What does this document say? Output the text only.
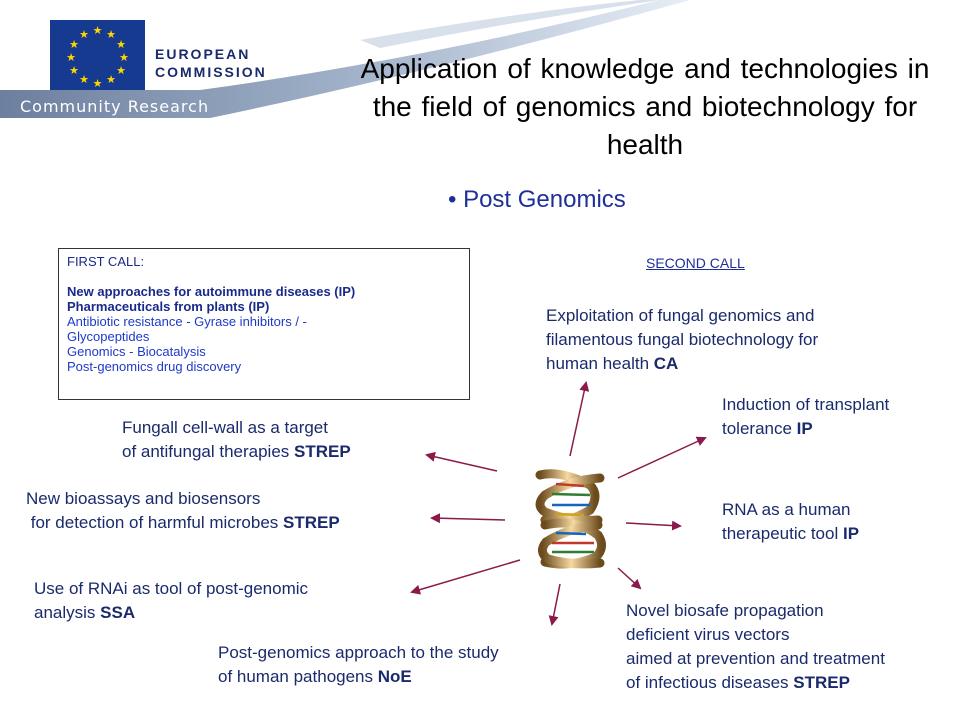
★ ★
★
★
★
★
★
★
★
★
★
★
EUROPEAN
COMMISSION
Community Research
Application of knowledge and technologies in the field of genomics and biotechnology for health
• Post Genomics
FIRST CALL:
New approaches for autoimmune diseases (IP)
Pharmaceuticals from plants (IP)
Antibiotic resistance - Gyrase inhibitors / -
Glycopeptides
Genomics - Biocatalysis
Post-genomics drug discovery
SECOND CALL
Exploitation of fungal genomics and
filamentous fungal biotechnology for
human health CA
Induction of transplant
tolerance IP
RNA as a human
therapeutic tool IP
Novel biosafe propagation
deficient virus vectors
aimed at prevention and treatment
of infectious diseases STREP
Post-genomics approach to the study
of human pathogens NoE
Use of RNAi as tool of post-genomic
analysis SSA
New bioassays and biosensors
for detection of harmful microbes STREP
Fungall cell-wall as a target
of antifungal therapies STREP
